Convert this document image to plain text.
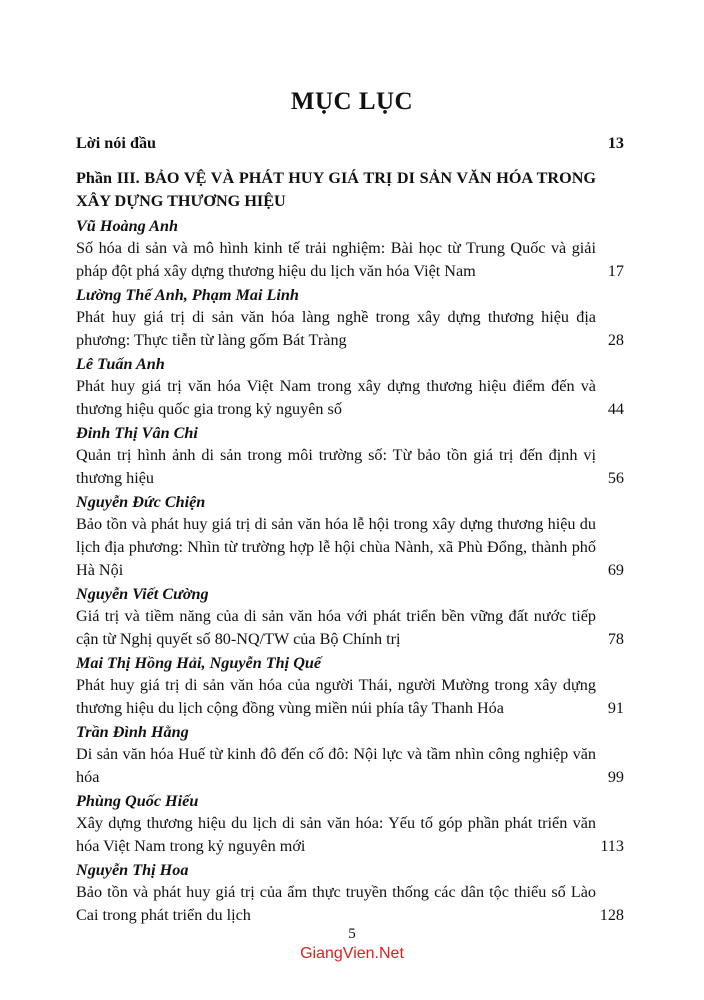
MỤC LỤC
Lời nói đầu	13
Phần III. BẢO VỆ VÀ PHÁT HUY GIÁ TRỊ DI SẢN VĂN HÓA TRONG XÂY DỰNG THƯƠNG HIỆU
Vũ Hoàng Anh
Số hóa di sản và mô hình kinh tế trải nghiệm: Bài học từ Trung Quốc và giải pháp đột phá xây dựng thương hiệu du lịch văn hóa Việt Nam	17
Lường Thế Anh, Phạm Mai Linh
Phát huy giá trị di sản văn hóa làng nghề trong xây dựng thương hiệu địa phương: Thực tiễn từ làng gốm Bát Tràng	28
Lê Tuấn Anh
Phát huy giá trị văn hóa Việt Nam trong xây dựng thương hiệu điểm đến và thương hiệu quốc gia trong kỷ nguyên số	44
Đinh Thị Vân Chi
Quản trị hình ảnh di sản trong môi trường số: Từ bảo tồn giá trị đến định vị thương hiệu	56
Nguyễn Đức Chiện
Bảo tồn và phát huy giá trị di sản văn hóa lễ hội trong xây dựng thương hiệu du lịch địa phương: Nhìn từ trường hợp lễ hội chùa Nành, xã Phù Đổng, thành phố Hà Nội	69
Nguyễn Viết Cường
Giá trị và tiềm năng của di sản văn hóa với phát triển bền vững đất nước tiếp cận từ Nghị quyết số 80-NQ/TW của Bộ Chính trị	78
Mai Thị Hồng Hải, Nguyễn Thị Quế
Phát huy giá trị di sản văn hóa của người Thái, người Mường trong xây dựng thương hiệu du lịch cộng đồng vùng miền núi phía tây Thanh Hóa	91
Trần Đình Hằng
Di sản văn hóa Huế từ kinh đô đến cố đô: Nội lực và tầm nhìn công nghiệp văn hóa	99
Phùng Quốc Hiếu
Xây dựng thương hiệu du lịch di sản văn hóa: Yếu tố góp phần phát triển văn hóa Việt Nam trong kỷ nguyên mới	113
Nguyễn Thị Hoa
Bảo tồn và phát huy giá trị của ẩm thực truyền thống các dân tộc thiểu số Lào Cai trong phát triển du lịch	128
5
GiangVien.Net
